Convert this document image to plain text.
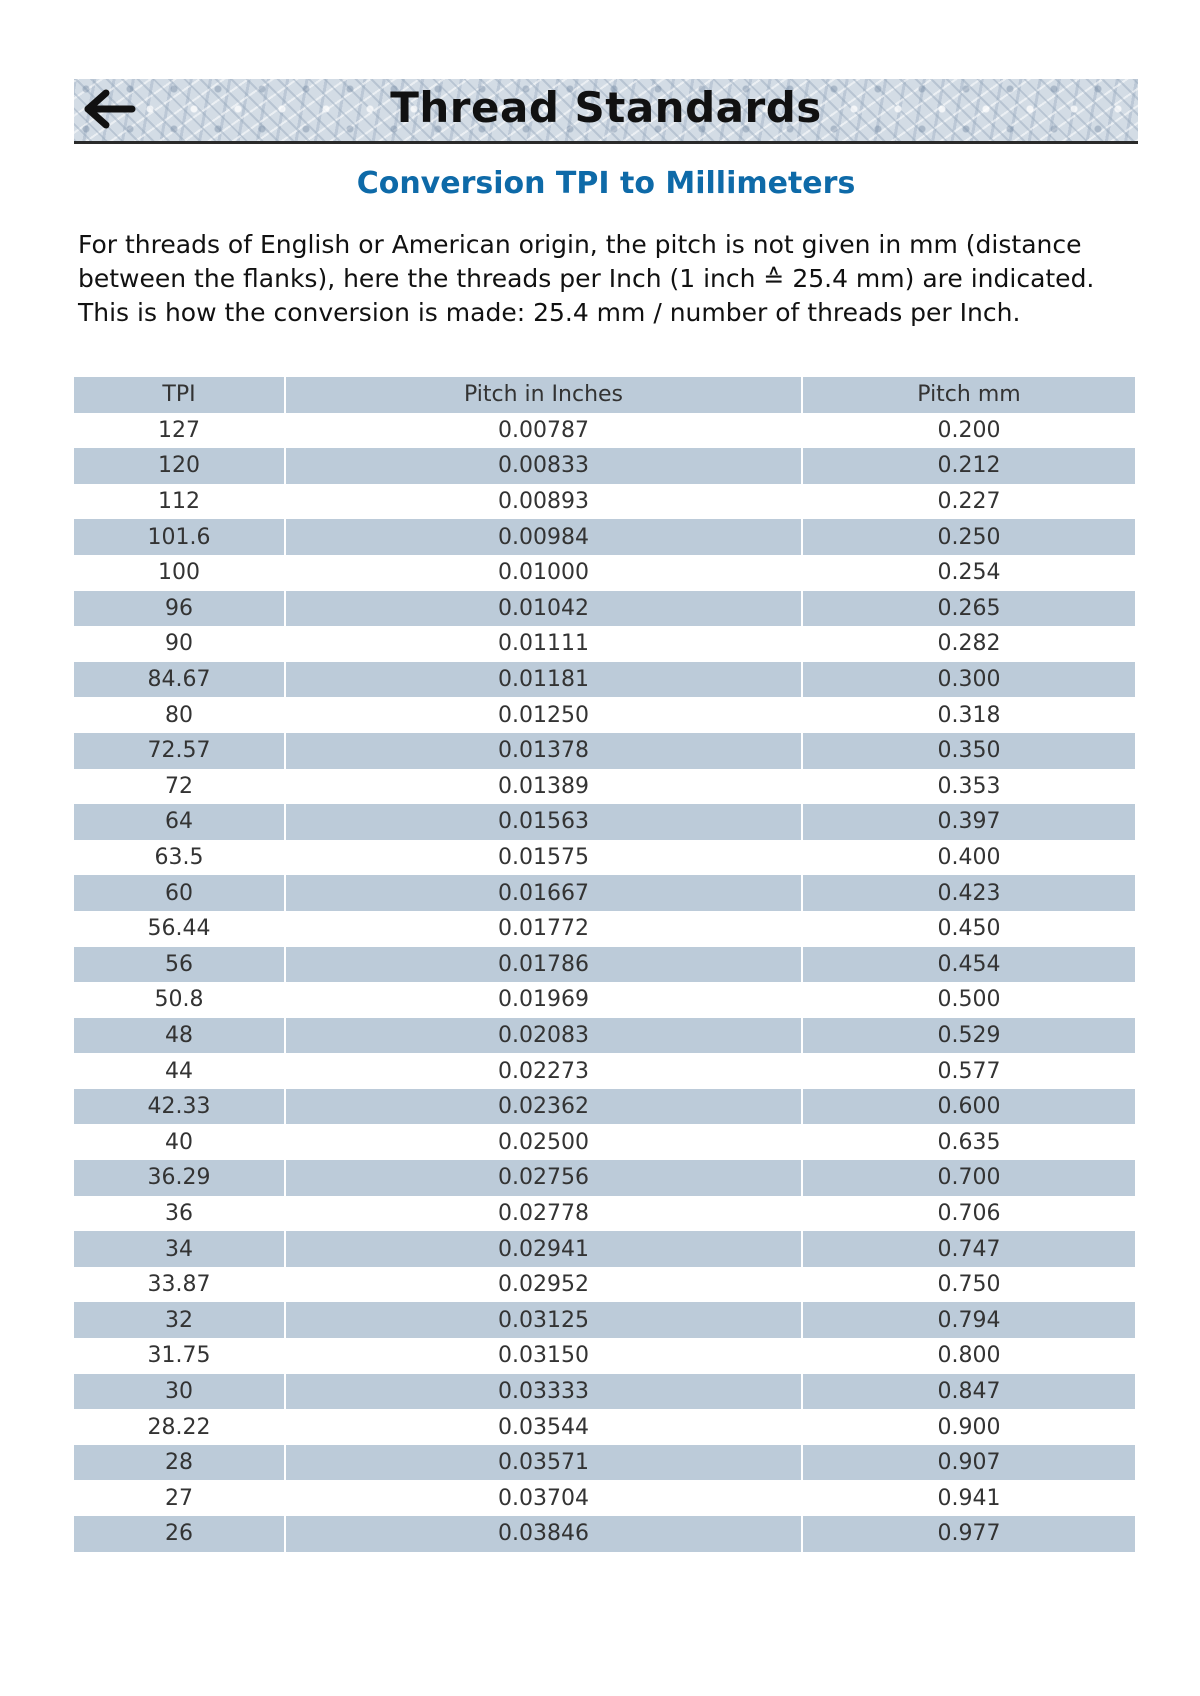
Thread Standards
Conversion TPI to Millimeters

For threads of English or American origin, the pitch is not given in mm (distance between the flanks), here the threads per Inch (1 inch ≙ 25.4 mm) are indicated.

This is how the conversion is made: 25.4 mm / number of threads per Inch.

TPI	Pitch in Inches	Pitch mm
127	0.00787	0.200
120	0.00833	0.212
112	0.00893	0.227
101.6	0.00984	0.250
100	0.01000	0.254
96	0.01042	0.265
90	0.01111	0.282
84.67	0.01181	0.300
80	0.01250	0.318
72.57	0.01378	0.350
72	0.01389	0.353
64	0.01563	0.397
63.5	0.01575	0.400
60	0.01667	0.423
56.44	0.01772	0.450
56	0.01786	0.454
50.8	0.01969	0.500
48	0.02083	0.529
44	0.02273	0.577
42.33	0.02362	0.600
40	0.02500	0.635
36.29	0.02756	0.700
36	0.02778	0.706
34	0.02941	0.747
33.87	0.02952	0.750
32	0.03125	0.794
31.75	0.03150	0.800
30	0.03333	0.847
28.22	0.03544	0.900
28	0.03571	0.907
27	0.03704	0.941
26	0.03846	0.977
